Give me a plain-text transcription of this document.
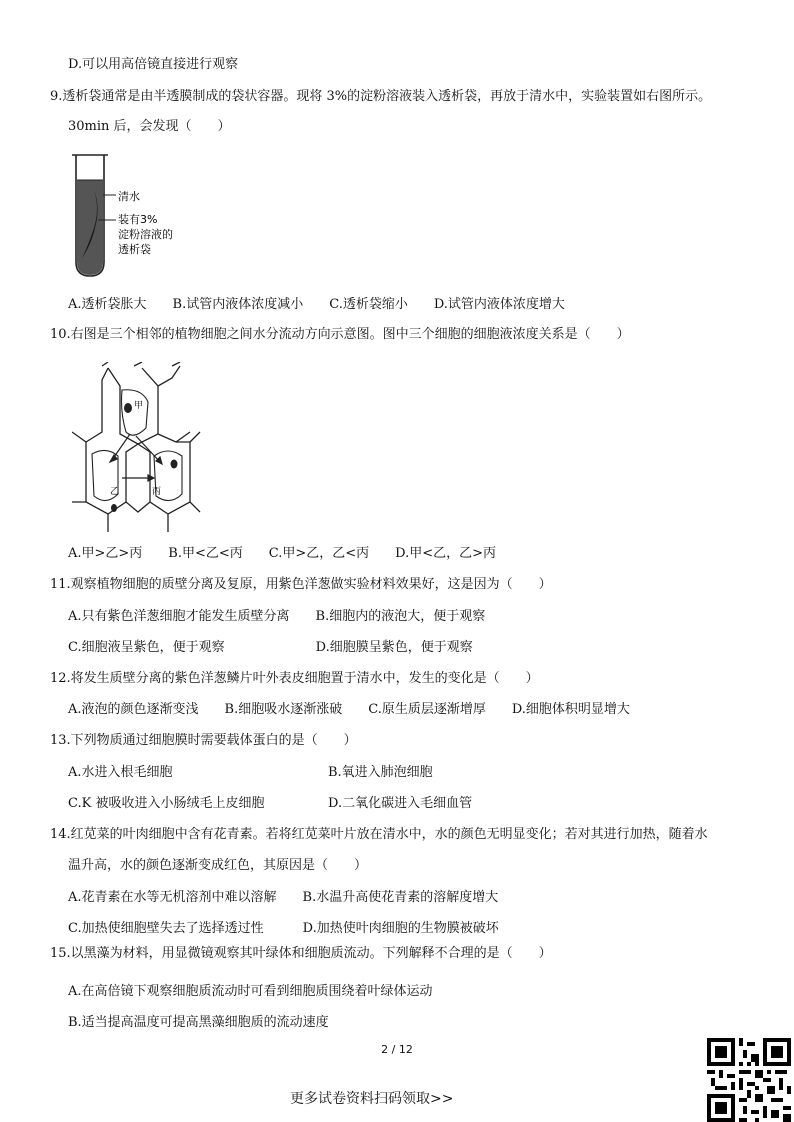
D.可以用高倍镜直接进行观察
9.透析袋通常是由半透膜制成的袋状容器。现将 3%的淀粉溶液装入透析袋，再放于清水中，实验装置如右图所示。
30min 后，会发现（　　）
清水
装有3%
淀粉溶液的
透析袋
A.透析袋胀大　　B.试管内液体浓度减小　　C.透析袋缩小　　D.试管内液体浓度增大
10.右图是三个相邻的植物细胞之间水分流动方向示意图。图中三个细胞的细胞液浓度关系是（　　）
甲
乙	丙
A.甲>乙>丙　　B.甲<乙<丙　　C.甲>乙，乙<丙　　D.甲<乙，乙>丙
11.观察植物细胞的质壁分离及复原，用紫色洋葱做实验材料效果好，这是因为（　　）
A.只有紫色洋葱细胞才能发生质壁分离　　B.细胞内的液泡大，便于观察
C.细胞液呈紫色，便于观察　　　　　　　D.细胞膜呈紫色，便于观察
12.将发生质壁分离的紫色洋葱鳞片叶外表皮细胞置于清水中，发生的变化是（　　）
A.液泡的颜色逐渐变浅　　B.细胞吸水逐渐涨破　　C.原生质层逐渐增厚　　D.细胞体积明显增大
13.下列物质通过细胞膜时需要载体蛋白的是（　　）
A.水进入根毛细胞	B.氧进入肺泡细胞
C.K 被吸收进入小肠绒毛上皮细胞	D.二氧化碳进入毛细血管
14.红苋菜的叶肉细胞中含有花青素。若将红苋菜叶片放在清水中，水的颜色无明显变化；若对其进行加热，随着水
温升高，水的颜色逐渐变成红色，其原因是（　　）
A.花青素在水等无机溶剂中难以溶解　　B.水温升高使花青素的溶解度增大
C.加热使细胞壁失去了选择透过性　　　D.加热使叶肉细胞的生物膜被破坏
15.以黑藻为材料，用显微镜观察其叶绿体和细胞质流动。下列解释不合理的是（　　）
A.在高倍镜下观察细胞质流动时可看到细胞质围绕着叶绿体运动
B.适当提高温度可提高黑藻细胞质的流动速度
2 / 12
更多试卷资料扫码领取>>
